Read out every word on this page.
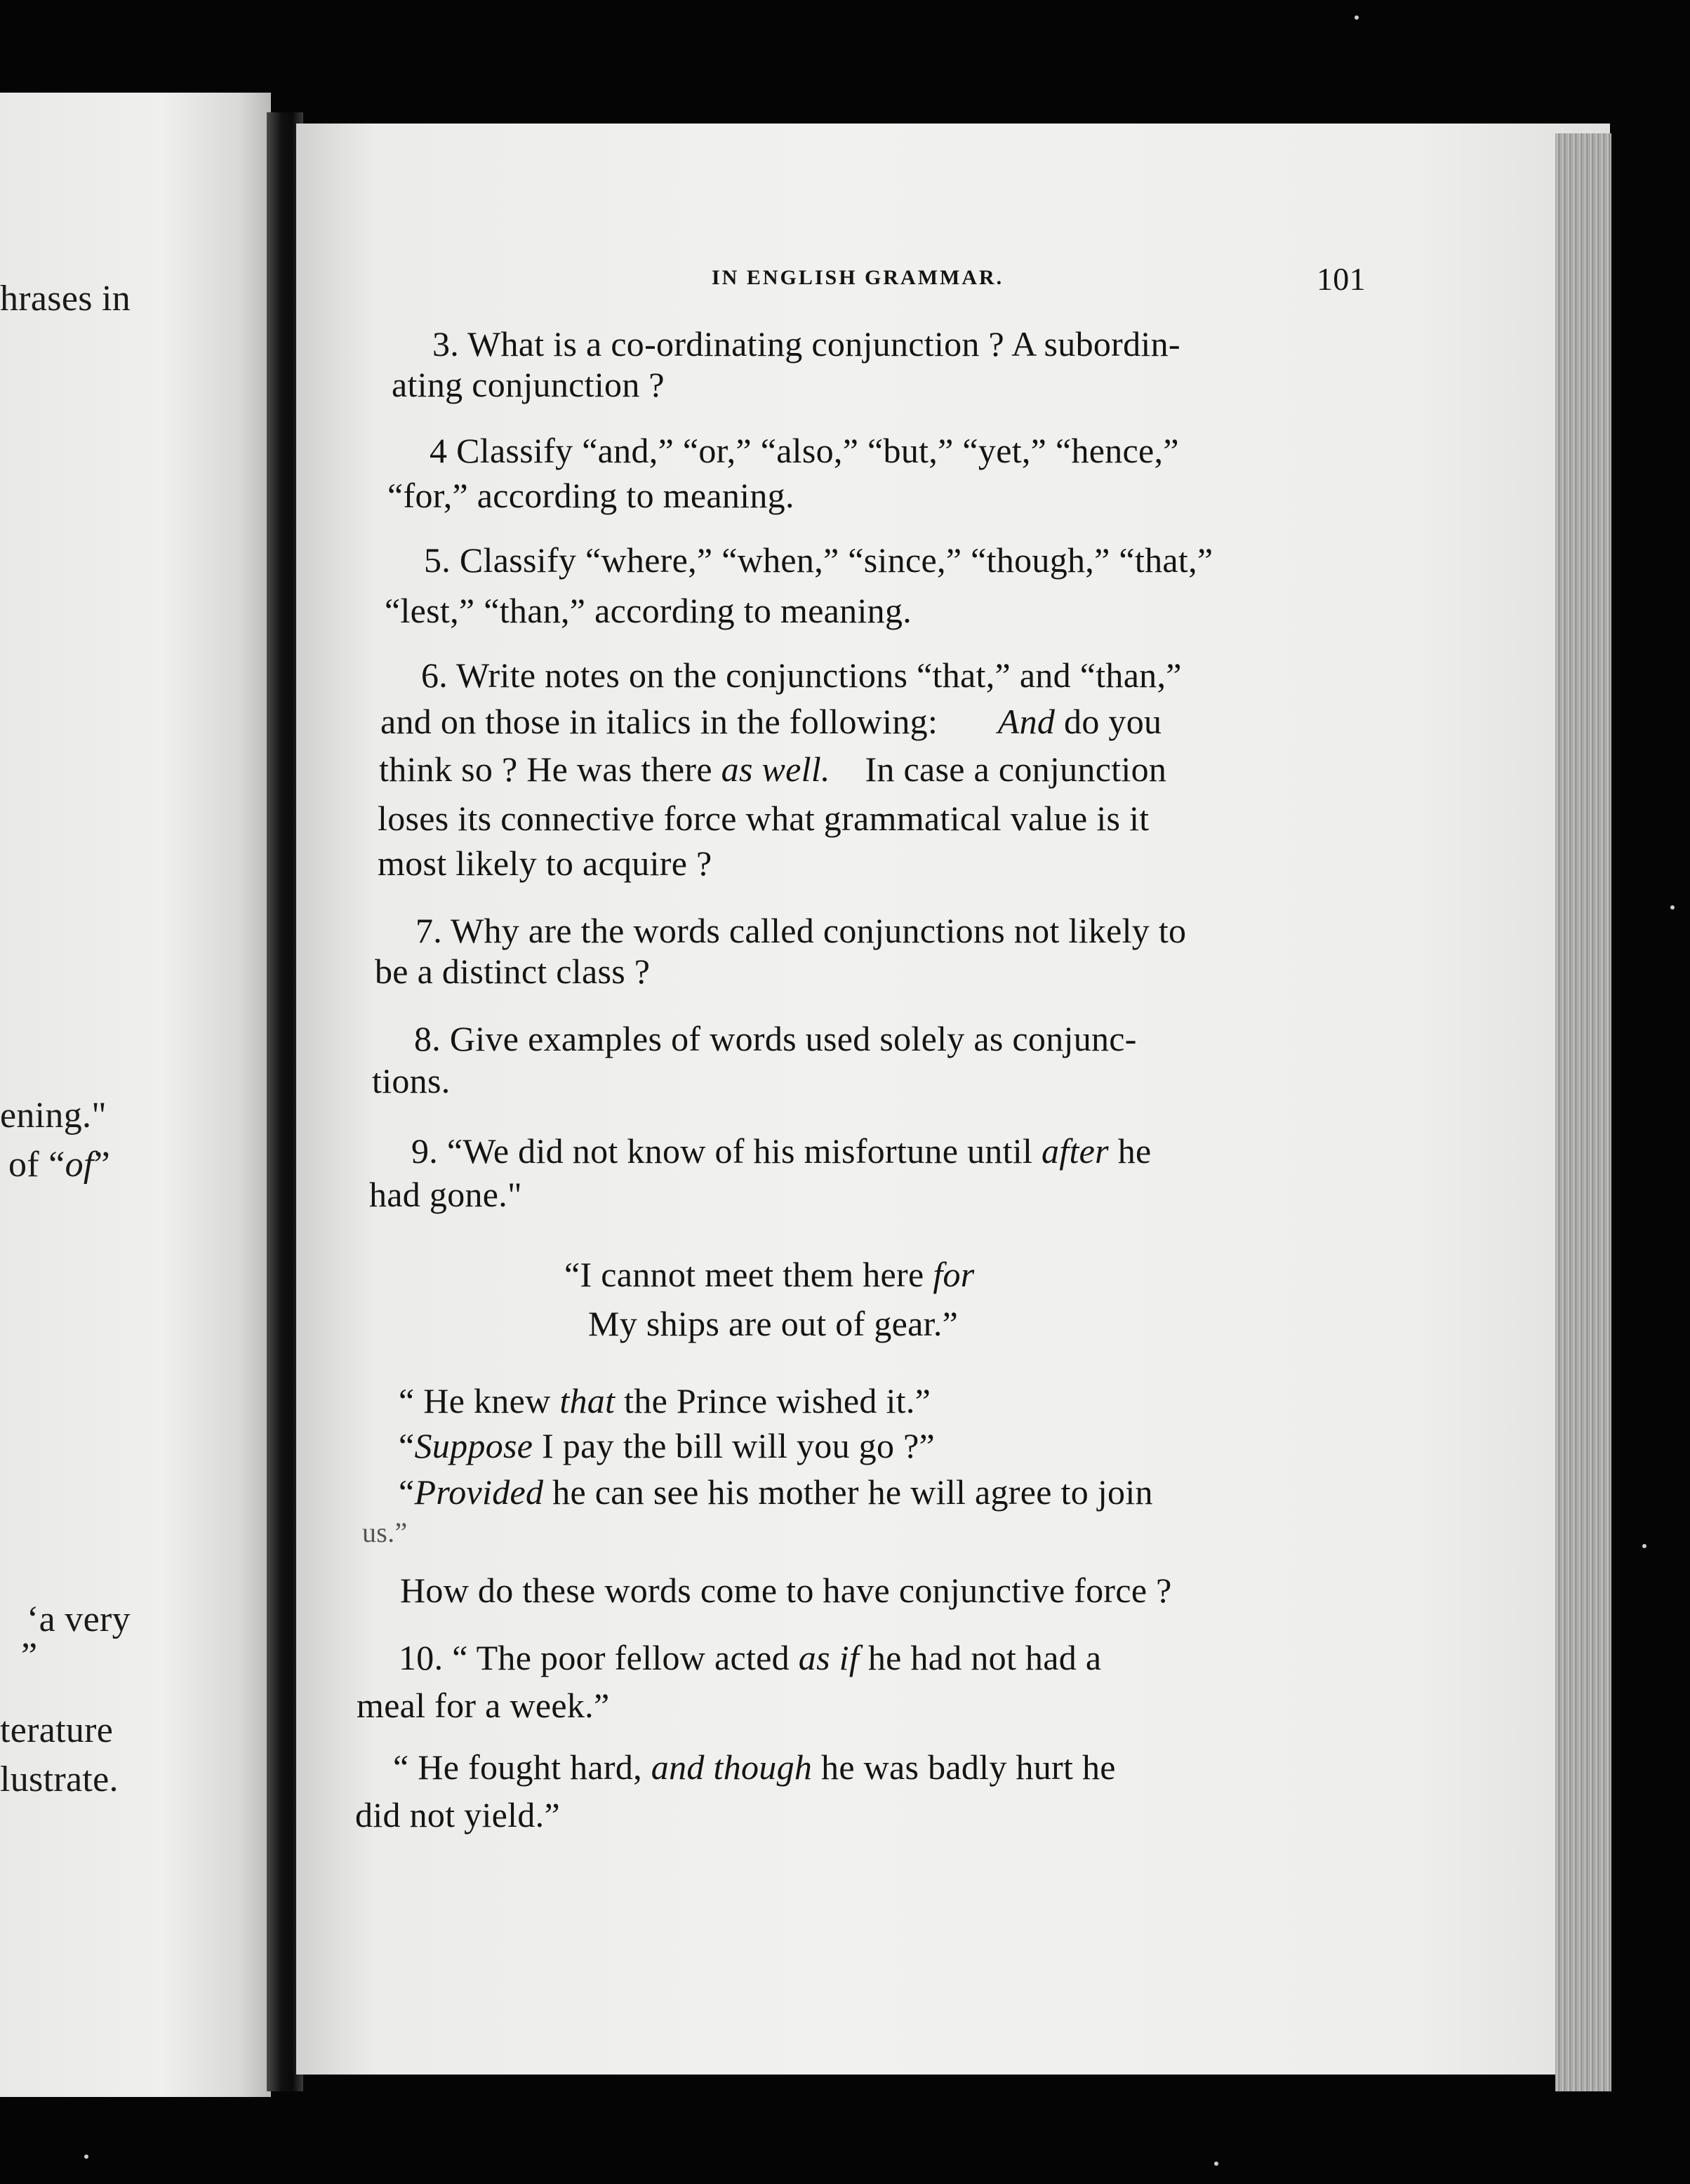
hrases in
ening."
of “of”
‘a very
”
terature
lustrate.
IN ENGLISH GRAMMAR.	101
3. What is a co-ordinating conjunction ? A subordin-
ating conjunction ?
4 Classify “and,” “or,” “also,” “but,” “yet,” “hence,”
“for,” according to meaning.
5. Classify “where,” “when,” “since,” “though,” “that,”
“lest,” “than,” according to meaning.
6. Write notes on the conjunctions “that,” and “than,”
and on those in italics in the following: And do you
think so ? He was there as well. In case a conjunction
loses its connective force what grammatical value is it
most likely to acquire ?
7. Why are the words called conjunctions not likely to
be a distinct class ?
8. Give examples of words used solely as conjunc-
tions.
9. “We did not know of his misfortune until after he
had gone."
“I cannot meet them here for
My ships are out of gear.”
“ He knew that the Prince wished it.”
“Suppose I pay the bill will you go ?”
“Provided he can see his mother he will agree to join
us.”
How do these words come to have conjunctive force ?
10. “ The poor fellow acted as if he had not had a
meal for a week.”
“ He fought hard, and though he was badly hurt he
did not yield.”
